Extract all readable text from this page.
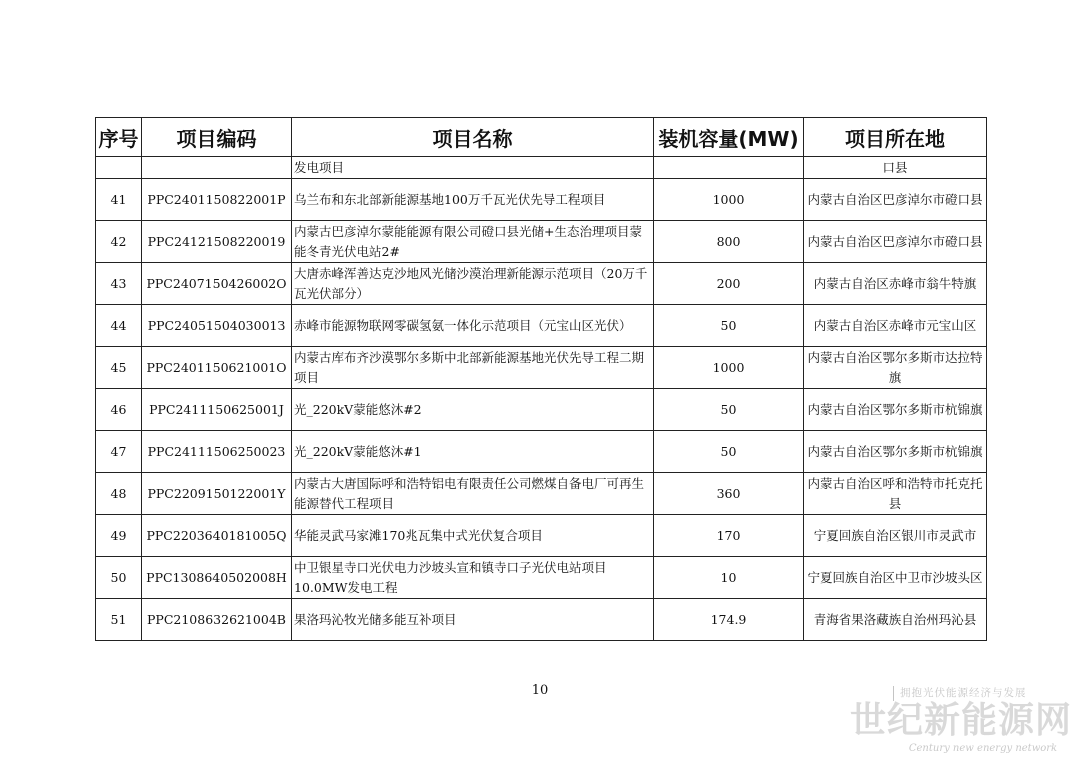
序号	项目编码	项目名称	装机容量(MW)	项目所在地
		发电项目		口县
41	PPC2401150822001P	乌兰布和东北部新能源基地100万千瓦光伏先导工程项目	1000	内蒙古自治区巴彦淖尔市磴口县
42	PPC24121508220019	内蒙古巴彦淖尔蒙能能源有限公司磴口县光储+生态治理项目蒙能冬青光伏电站2#	800	内蒙古自治区巴彦淖尔市磴口县
43	PPC2407150426002O	大唐赤峰浑善达克沙地风光储沙漠治理新能源示范项目（20万千瓦光伏部分）	200	内蒙古自治区赤峰市翁牛特旗
44	PPC2405150403001З	赤峰市能源物联网零碳氢氨一体化示范项目（元宝山区光伏）	50	内蒙古自治区赤峰市元宝山区
45	PPC2401150621001O	内蒙古库布齐沙漠鄂尔多斯中北部新能源基地光伏先导工程二期项目	1000	内蒙古自治区鄂尔多斯市达拉特旗
46	PPC2411150625001J	光_220kV蒙能悠沐#2	50	内蒙古自治区鄂尔多斯市杭锦旗
47	PPC24111506250023	光_220kV蒙能悠沐#1	50	内蒙古自治区鄂尔多斯市杭锦旗
48	PPC2209150122001Y	内蒙古大唐国际呼和浩特铝电有限责任公司燃煤自备电厂可再生能源替代工程项目	360	内蒙古自治区呼和浩特市托克托县
49	PPC2203640181005Q	华能灵武马家滩170兆瓦集中式光伏复合项目	170	宁夏回族自治区银川市灵武市
50	PPC1308640502008H	中卫银星寺口光伏电力沙坡头宣和镇寺口子光伏电站项目10.0MW发电工程	10	宁夏回族自治区中卫市沙坡头区
51	PPC2108632621004B	果洛玛沁牧光储多能互补项目	174.9	青海省果洛藏族自治州玛沁县
10	拥抱光伏能源经济与发展
世纪新能源网
Century new energy network
